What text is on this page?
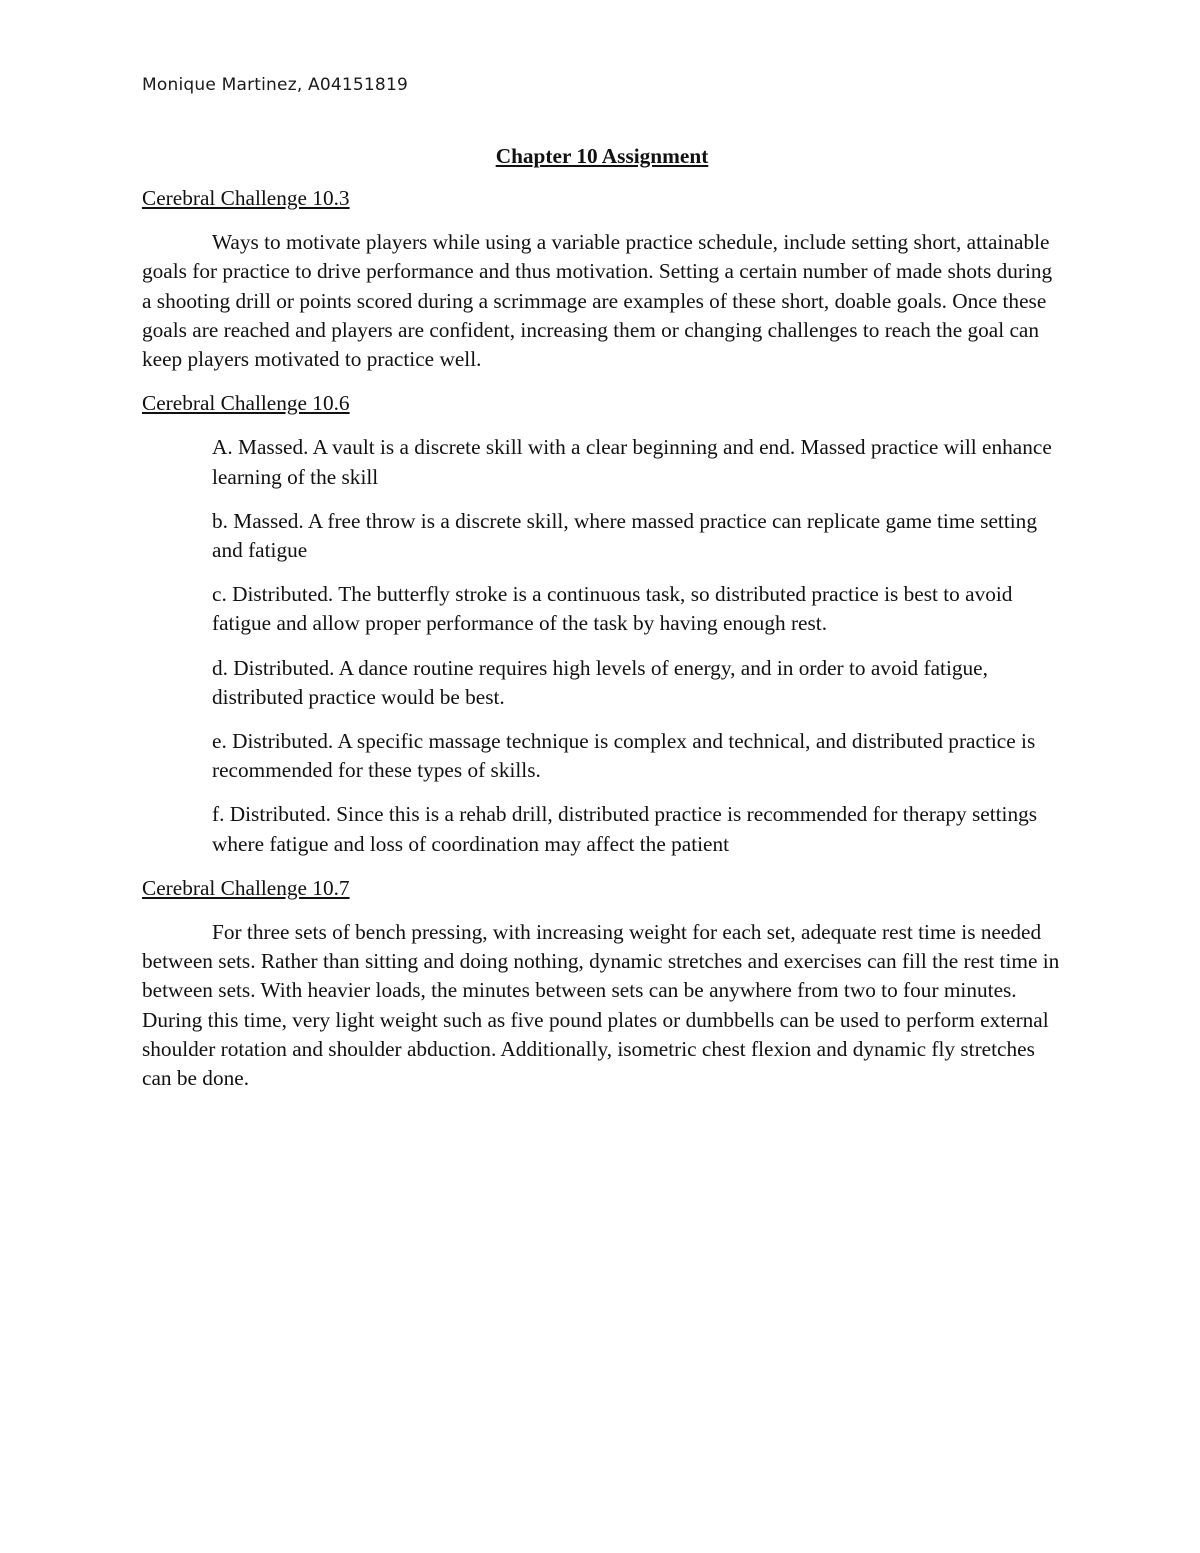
Monique Martinez, A04151819
Chapter 10 Assignment
Cerebral Challenge 10.3

Ways to motivate players while using a variable practice schedule, include setting short, attainable goals for practice to drive performance and thus motivation. Setting a certain number of made shots during a shooting drill or points scored during a scrimmage are examples of these short, doable goals. Once these goals are reached and players are confident, increasing them or changing challenges to reach the goal can keep players motivated to practice well.

Cerebral Challenge 10.6

A. Massed. A vault is a discrete skill with a clear beginning and end. Massed practice will enhance learning of the skill

b. Massed. A free throw is a discrete skill, where massed practice can replicate game time setting and fatigue

c. Distributed. The butterfly stroke is a continuous task, so distributed practice is best to avoid fatigue and allow proper performance of the task by having enough rest.

d. Distributed. A dance routine requires high levels of energy, and in order to avoid fatigue, distributed practice would be best.

e. Distributed. A specific massage technique is complex and technical, and distributed practice is recommended for these types of skills.

f. Distributed. Since this is a rehab drill, distributed practice is recommended for therapy settings where fatigue and loss of coordination may affect the patient

Cerebral Challenge 10.7

For three sets of bench pressing, with increasing weight for each set, adequate rest time is needed between sets. Rather than sitting and doing nothing, dynamic stretches and exercises can fill the rest time in between sets. With heavier loads, the minutes between sets can be anywhere from two to four minutes. During this time, very light weight such as five pound plates or dumbbells can be used to perform external shoulder rotation and shoulder abduction. Additionally, isometric chest flexion and dynamic fly stretches can be done.
